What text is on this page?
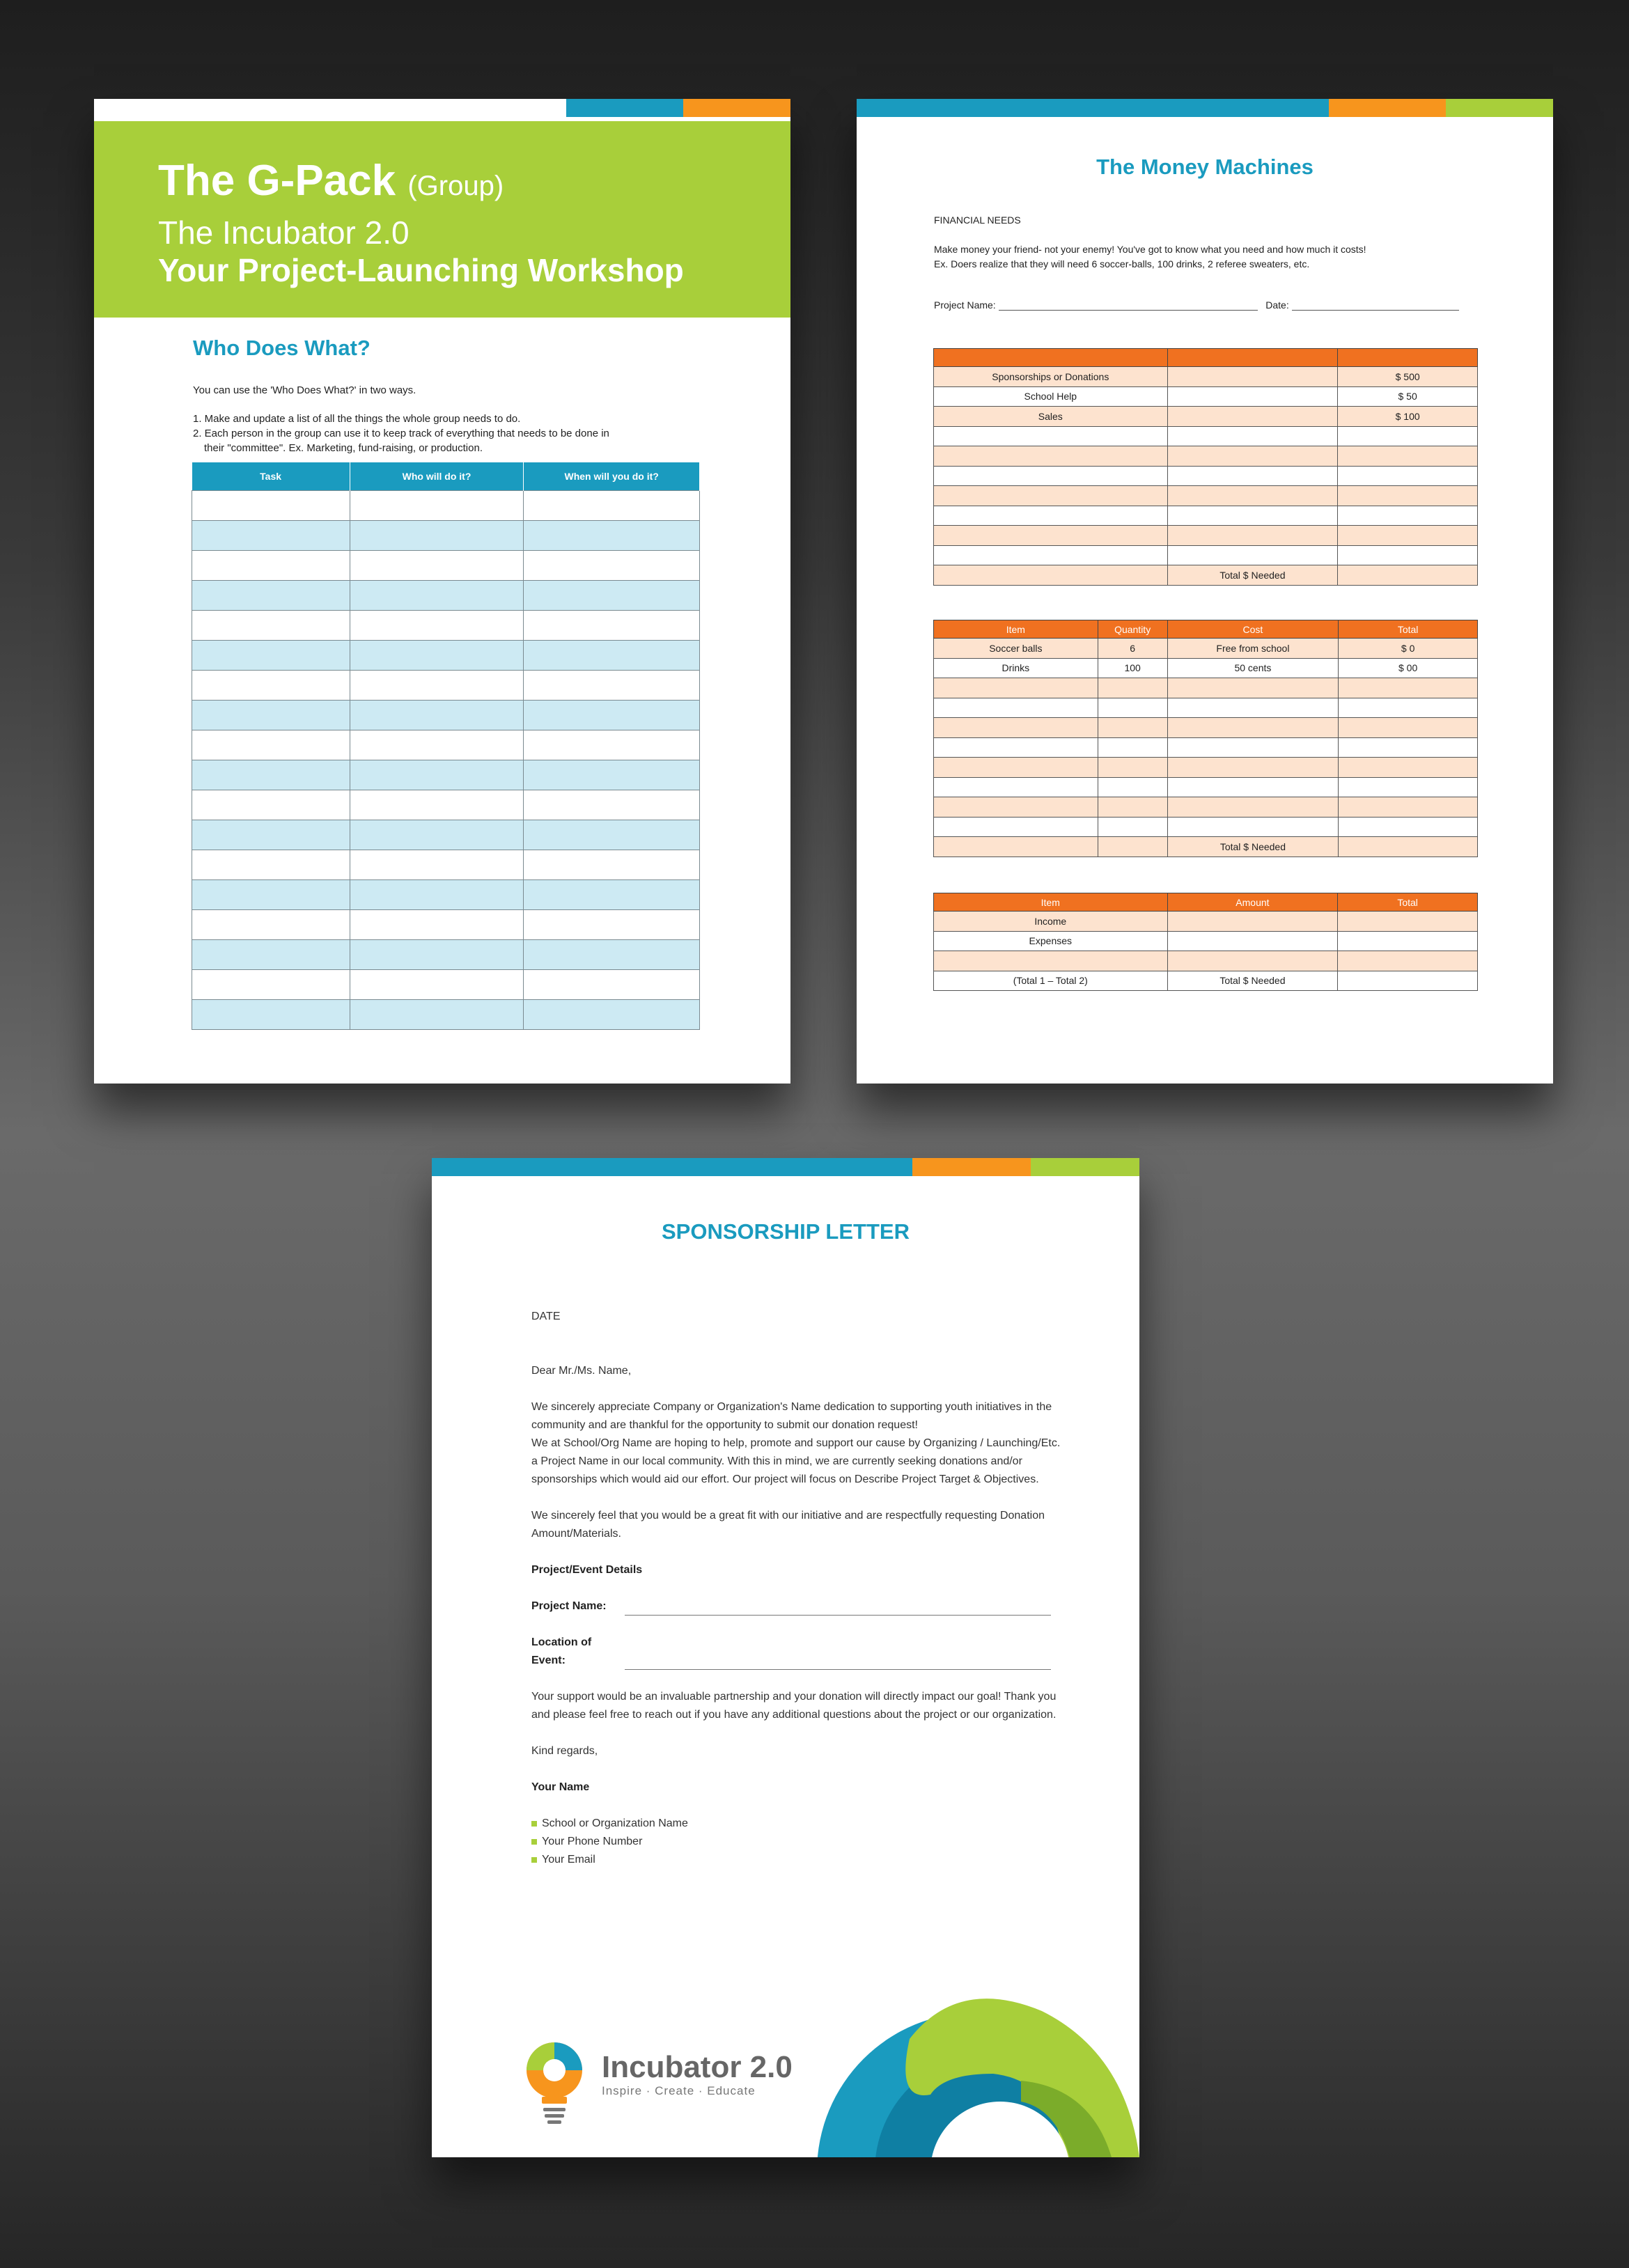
The G-Pack (Group)
The Incubator 2.0
Your Project-Launching Workshop
Who Does What?

You can use the 'Who Does What?' in two ways.

1. Make and update a list of all the things the whole group needs to do.
2. Each person in the group can use it to keep track of everything that needs to be done in
their "committee". Ex. Marketing, fund-raising, or production.
Task	Who will do it?	When will you do it?

The Money Machines
FINANCIAL NEEDS
Make money your friend- not your enemy! You've got to know what you need and how much it costs!
Ex. Doers realize that they will need 6 soccer-balls, 100 drinks, 2 referee sweaters, etc.
Project Name:	Date:

Sponsorships or Donations		$ 500
School Help		$ 50
Sales		$ 100

	Total $ Needed	
Item	Quantity	Cost	Total
Soccer balls	6	Free from school	$ 0
Drinks	100	50 cents	$ 00

		Total $ Needed	
Item	Amount	Total
Income		
Expenses		

(Total 1 – Total 2)	Total $ Needed	
SPONSORSHIP LETTER
DATE
Dear Mr./Ms. Name,
We sincerely appreciate Company or Organization's Name dedication to supporting youth initiatives in the community and are thankful for the opportunity to submit our donation request!
We at School/Org Name are hoping to help, promote and support our cause by Organizing / Launching/Etc. a Project Name in our local community. With this in mind, we are currently seeking donations and/or sponsorships which would aid our effort. Our project will focus on Describe Project Target & Objectives.
We sincerely feel that you would be a great fit with our initiative and are respectfully requesting Donation Amount/Materials.
Project/Event Details
Project Name:
Location of Event:
Your support would be an invaluable partnership and your donation will directly impact our goal! Thank you and please feel free to reach out if you have any additional questions about the project or our organization.
Kind regards,
Your Name
School or Organization Name
Your Phone Number
Your Email
Incubator 2.0
Inspire · Create · Educate
